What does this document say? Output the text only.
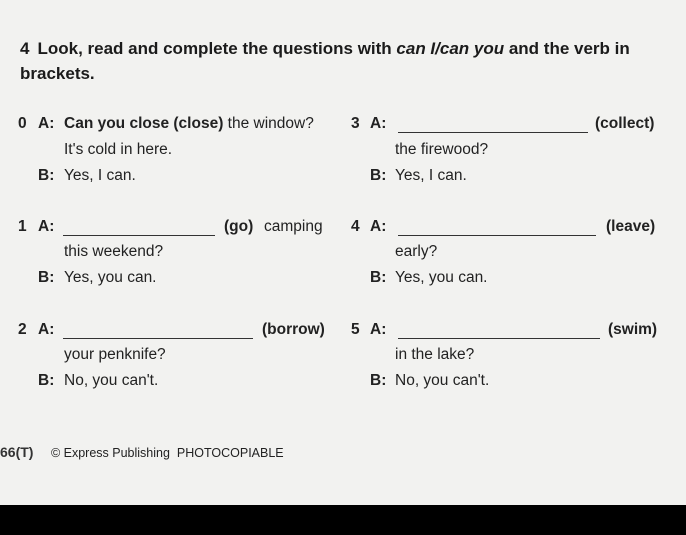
4 Look, read and complete the questions with can I/can you and the verb in brackets.
0 A: Can you close (close) the window?
It's cold in here.
B: Yes, I can.
1 A:	(go) camping
this weekend?
B: Yes, you can.
2 A:	(borrow)
your penknife?
B: No, you can't.
3 A:	(collect)
the firewood?
B: Yes, I can.
4 A:	(leave)
early?
B: Yes, you can.
5 A:	(swim)
in the lake?
B: No, you can't.
66(T) © Express Publishing PHOTOCOPIABLE
